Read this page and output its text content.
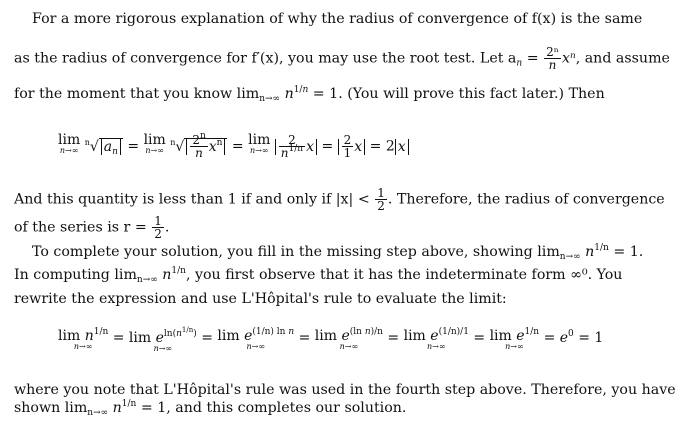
For a more rigorous explanation of why the radius of convergence of f(x) is the same
as the radius of convergence for f′(x), you may use the root test. Let $a_n = \frac{\text{2ⁿ}}{n} x^n$, and assume
for the moment that you know $\lim_{n\to\infty} n^{1/n} = 1$. (You will prove this fact later.) Then
lim
n→∞
$^n$√ $a_n = \lim$
n→∞
$^n√ \frac{2^n}{n} x^n = \lim$
n→∞
$\frac{2}{n^{1/n}}$ $x = \frac{2}{1}$ x = 2 x
And this quantity is less than 1 if and only if $|x| < \frac{1}{2}$ . Therefore, the radius of convergence
of the series is $r = \frac{1}{2}$ .
To complete your solution, you fill in the missing step above, showing $\lim_{n\to\infty} n^{1/n} = 1$.
In computing $\lim_{n\to\infty} n^{1/n}$, you first observe that it has the indeterminate form ∞⁰. You
rewrite the expression and use L'Hôpital's rule to evaluate the limit:
$\lim n^{1/n}$
n→∞
= $\lim e^{ln(n^{1/n})}$
n→∞
= $\lim e^{(1/n) ln n}$
n→∞
= $\lim e^{(ln n)/n}$
n→∞
= $\lim e^{(1/n)/1}$
n→∞
= $\lim e^{1/n}$
n→∞
= $e^0 = 1$
where you note that L'Hôpital's rule was used in the fourth step above. Therefore, you have
shown $\lim_{n\to\infty} n^{1/n} = 1$, and this completes our solution.
